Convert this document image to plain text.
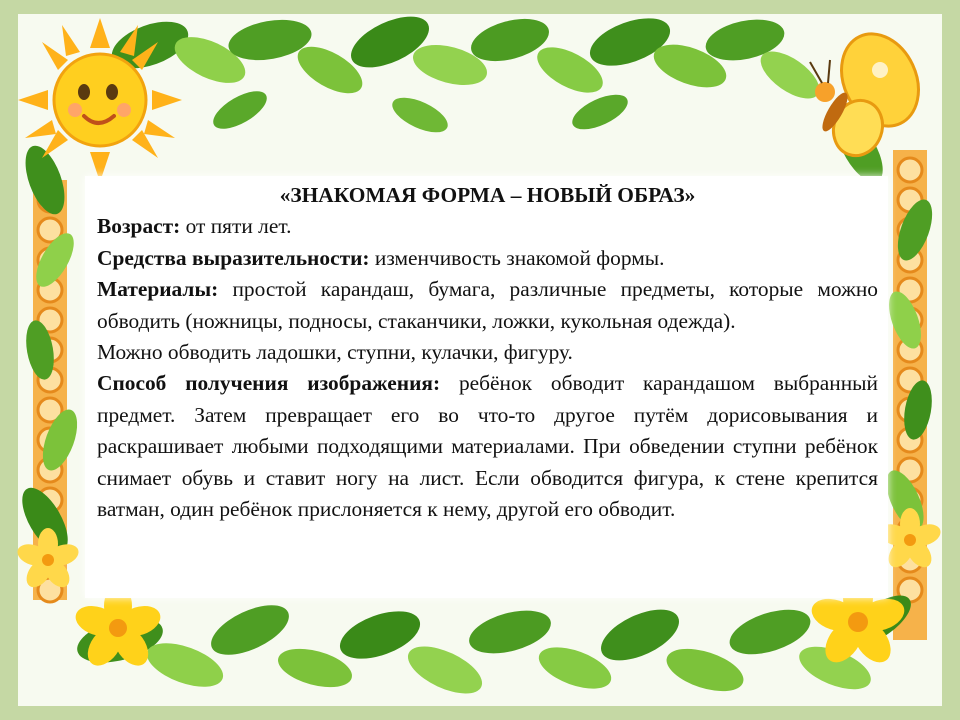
«ЗНАКОМАЯ ФОРМА – НОВЫЙ ОБРАЗ»

Возраст: от пяти лет.

Средства выразительности: изменчивость знакомой формы.

Материалы: простой карандаш, бумага, различные предметы, которые можно обводить (ножницы, подносы, стаканчики, ложки, кукольная одежда).

Можно обводить ладошки, ступни, кулачки, фигуру.

Способ получения изображения: ребёнок обводит карандашом выбранный предмет. Затем превращает его во что-то другое путём дорисовывания и раскрашивает любыми подходящими материалами. При обведении ступни ребёнок снимает обувь и ставит ногу на лист. Если обводится фигура, к стене крепится ватман, один ребёнок прислоняется к нему, другой его обводит.
